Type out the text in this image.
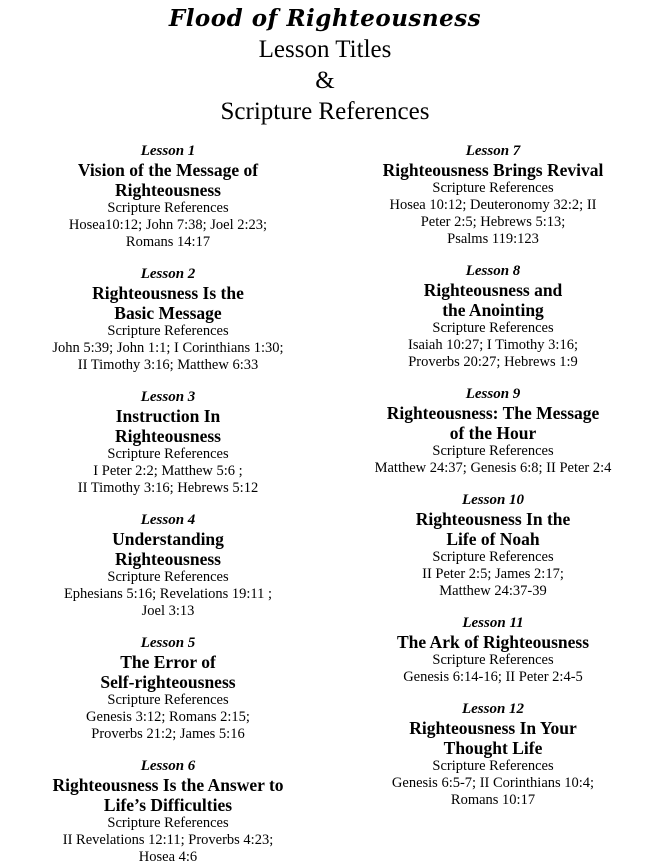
Flood of Righteousness
Lesson Titles
&
Scripture References
Lesson 1
Vision of the Message of
Righteousness
Scripture References
Hosea10:12; John 7:38; Joel 2:23;
Romans 14:17
Lesson 2
Righteousness Is the
Basic Message
Scripture References
John 5:39; John 1:1; I Corinthians 1:30;
II Timothy 3:16; Matthew 6:33
Lesson 3
Instruction In
Righteousness
Scripture References
I Peter 2:2; Matthew 5:6 ;
II Timothy 3:16; Hebrews 5:12
Lesson 4
Understanding
Righteousness
Scripture References
Ephesians 5:16; Revelations 19:11 ;
Joel 3:13
Lesson 5
The Error of
Self-righteousness
Scripture References
Genesis 3:12; Romans 2:15;
Proverbs 21:2; James 5:16
Lesson 6
Righteousness Is the Answer to
Life’s Difficulties
Scripture References
II Revelations 12:11; Proverbs 4:23;
Hosea 4:6
Lesson 7
Righteousness Brings Revival
Scripture References
Hosea 10:12; Deuteronomy 32:2; II
Peter 2:5; Hebrews 5:13;
Psalms 119:123
Lesson 8
Righteousness and
the Anointing
Scripture References
Isaiah 10:27; I Timothy 3:16;
Proverbs 20:27; Hebrews 1:9
Lesson 9
Righteousness: The Message
of the Hour
Scripture References
Matthew 24:37; Genesis 6:8; II Peter 2:4
Lesson 10
Righteousness In the
Life of Noah
Scripture References
II Peter 2:5; James 2:17;
Matthew 24:37-39
Lesson 11
The Ark of Righteousness
Scripture References
Genesis 6:14-16; II Peter 2:4-5
Lesson 12
Righteousness In Your
Thought Life
Scripture References
Genesis 6:5-7; II Corinthians 10:4;
Romans 10:17
